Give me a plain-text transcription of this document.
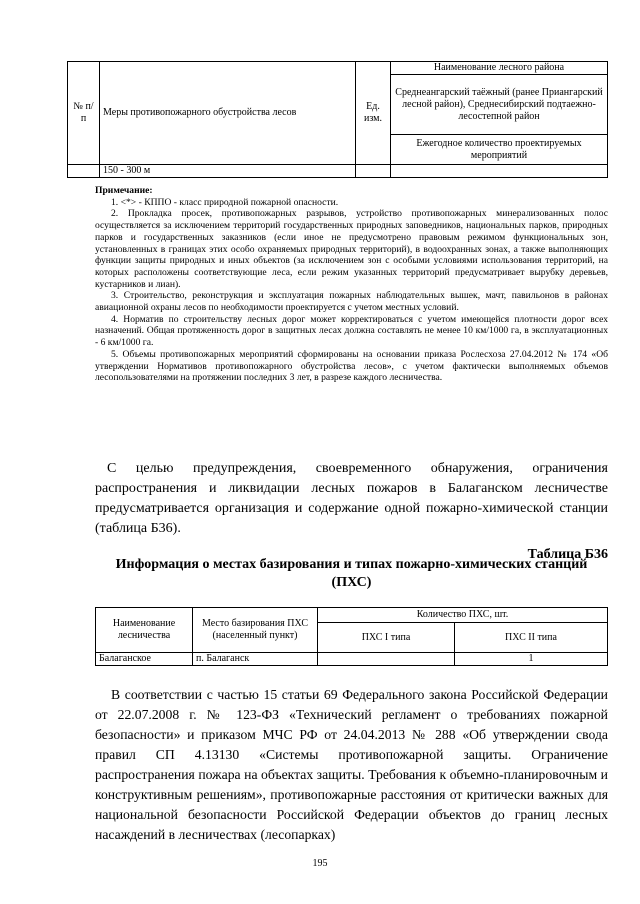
№ п/п	Меры противопожарного обустройства лесов	Ед. изм.	Наименование лесного района
			Среднеангарский таёжный (ранее Приангарский лесной район), Среднесибирский подтаежно-лесостепной район
			Ежегодное количество проектируемых мероприятий
	150 - 300 м		

Примечание:

1. <*> - КППО - класс природной пожарной опасности.

2. Прокладка просек, противопожарных разрывов, устройство противопожарных минерализованных полос осуществляется за исключением территорий государственных природных заповедников, национальных парков, природных парков и государственных заказников (если иное не предусмотрено правовым режимом функциональных зон, установленных в границах этих особо охраняемых природных территорий), в водоохранных зонах, а также выполняющих функции защиты природных и иных объектов (за исключением зон с особыми условиями использования территорий, на которых расположены соответствующие леса, если режим указанных территорий предусматривает вырубку деревьев, кустарников и лиан).

3. Строительство, реконструкция и эксплуатация пожарных наблюдательных вышек, мачт, павильонов в районах авиационной охраны лесов по необходимости проектируется с учетом местных условий.

4. Норматив по строительству лесных дорог может корректироваться с учетом имеющейся плотности дорог всех назначений. Общая протяженность дорог в защитных лесах должна составлять не менее 10 км/1000 га, в эксплуатационных - 6 км/1000 га.

5. Объемы противопожарных мероприятий сформированы на основании приказа Рослесхоза 27.04.2012 № 174 «Об утверждении Нормативов противопожарного обустройства лесов», с учетом фактически выполняемых объемов лесопользователями на протяжении последних 3 лет, в разрезе каждого лесничества.

С целью предупреждения, своевременного обнаружения, ограничения распространения и ликвидации лесных пожаров в Балаганском лесничестве предусматривается организация и содержание одной пожарно-химической станции (таблица Б36).

Таблица Б36
Информация о местах базирования и типах пожарно-химических станций (ПХС)
Наименование лесничества	Место базирования ПХС (населенный пункт)	Количество ПХС, шт.	
		ПХС I типа	ПХС II типа
Балаганское	п. Балаганск		1

В соответствии с частью 15 статьи 69 Федерального закона Российской Федерации от 22.07.2008 г. № 123-ФЗ «Технический регламент о требованиях пожарной безопасности» и приказом МЧС РФ от 24.04.2013 № 288 «Об утверждении свода правил СП 4.13130 «Системы противопожарной защиты. Ограничение распространения пожара на объектах защиты. Требования к объемно-планировочным и конструктивным решениям», противопожарные расстояния от критически важных для национальной безопасности Российской Федерации объектов до границ лесных насаждений в лесничествах (лесопарках)

195
